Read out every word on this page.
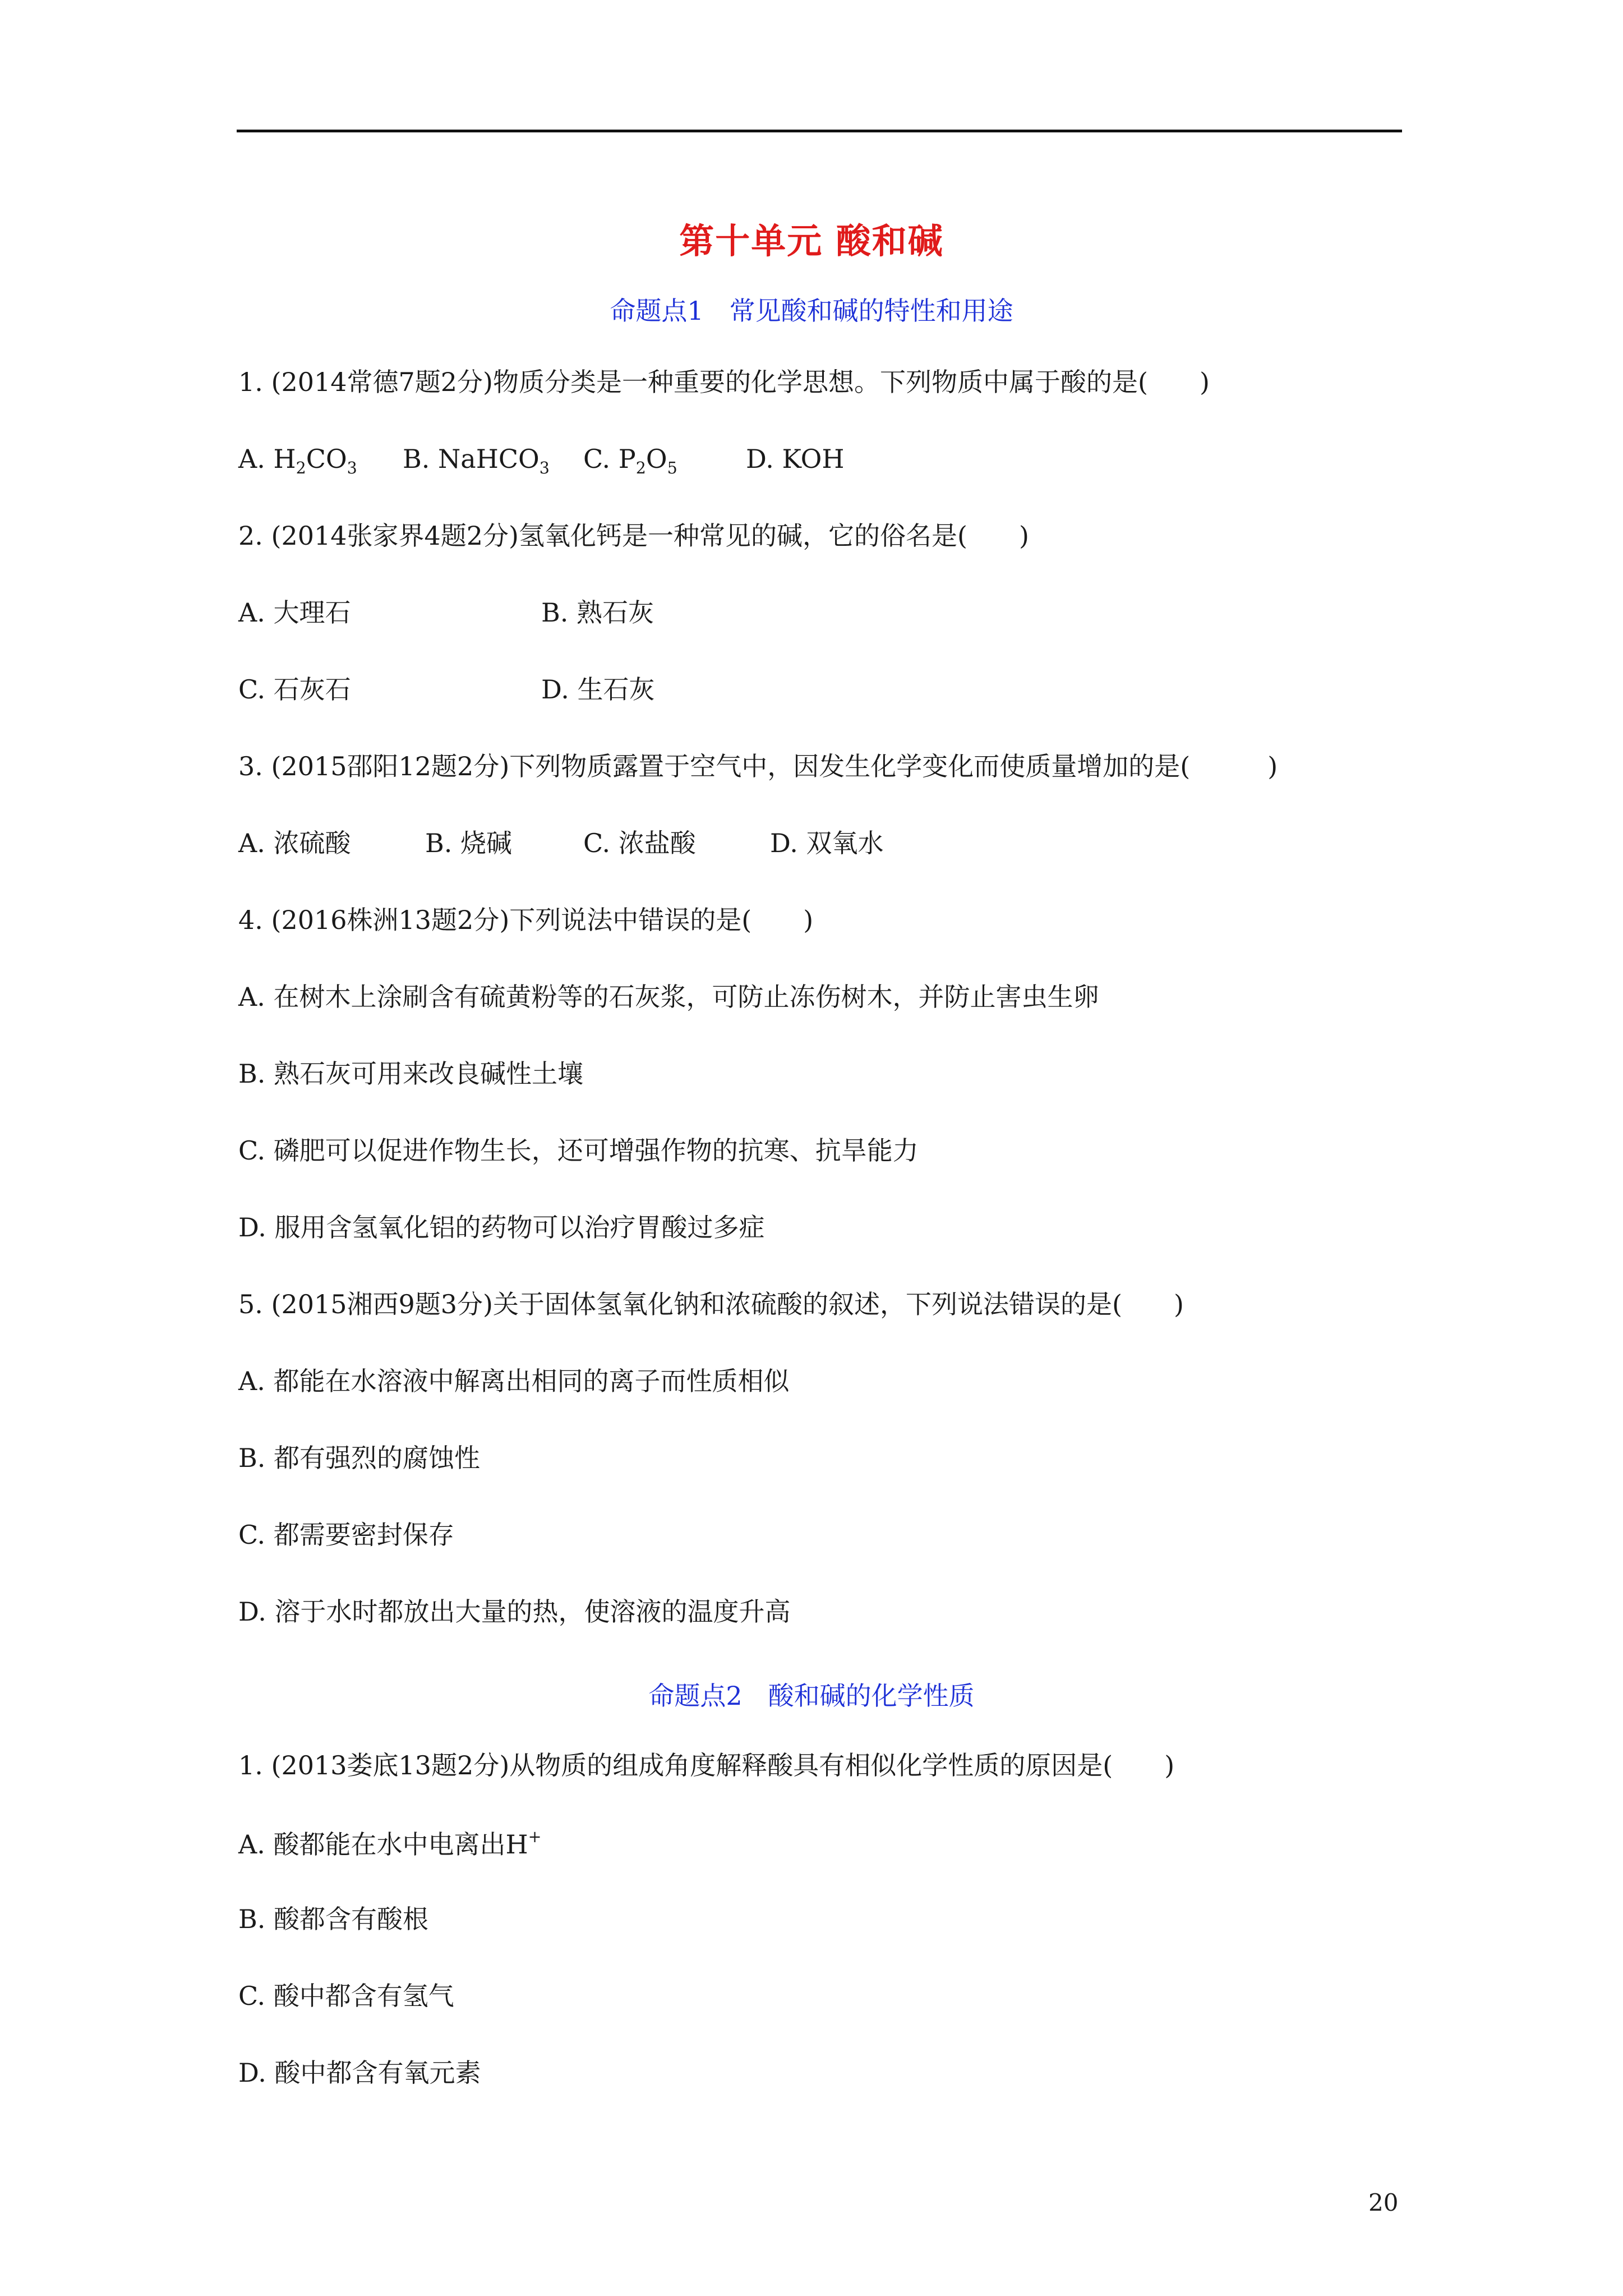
第十单元 酸和碱
命题点1　常见酸和碱的特性和用途
1. (2014常德7题2分)物质分类是一种重要的化学思想。下列物质中属于酸的是(　　)
A. $H_2CO_3$ B. NaHCO$_3$ C. $P_2O_5$	D. KOH
2. (2014张家界4题2分)氢氧化钙是一种常见的碱，它的俗名是(　　)
A. 大理石	B. 熟石灰
C. 石灰石	D. 生石灰
3. (2015邵阳12题2分)下列物质露置于空气中，因发生化学变化而使质量增加的是(　　　)
A. 浓硫酸	B. 烧碱	C. 浓盐酸	D. 双氧水
4. (2016株洲13题2分)下列说法中错误的是(　　)
A. 在树木上涂刷含有硫黄粉等的石灰浆，可防止冻伤树木，并防止害虫生卵
B. 熟石灰可用来改良碱性土壤
C. 磷肥可以促进作物生长，还可增强作物的抗寒、抗旱能力
D. 服用含氢氧化铝的药物可以治疗胃酸过多症
5. (2015湘西9题3分)关于固体氢氧化钠和浓硫酸的叙述，下列说法错误的是(　　)
A. 都能在水溶液中解离出相同的离子而性质相似
B. 都有强烈的腐蚀性
C. 都需要密封保存
D. 溶于水时都放出大量的热，使溶液的温度升高
命题点2　酸和碱的化学性质
1. (2013娄底13题2分)从物质的组成角度解释酸具有相似化学性质的原因是(　　)
A. 酸都能在水中电离出H+
B. 酸都含有酸根
C. 酸中都含有氢气
D. 酸中都含有氧元素
20
